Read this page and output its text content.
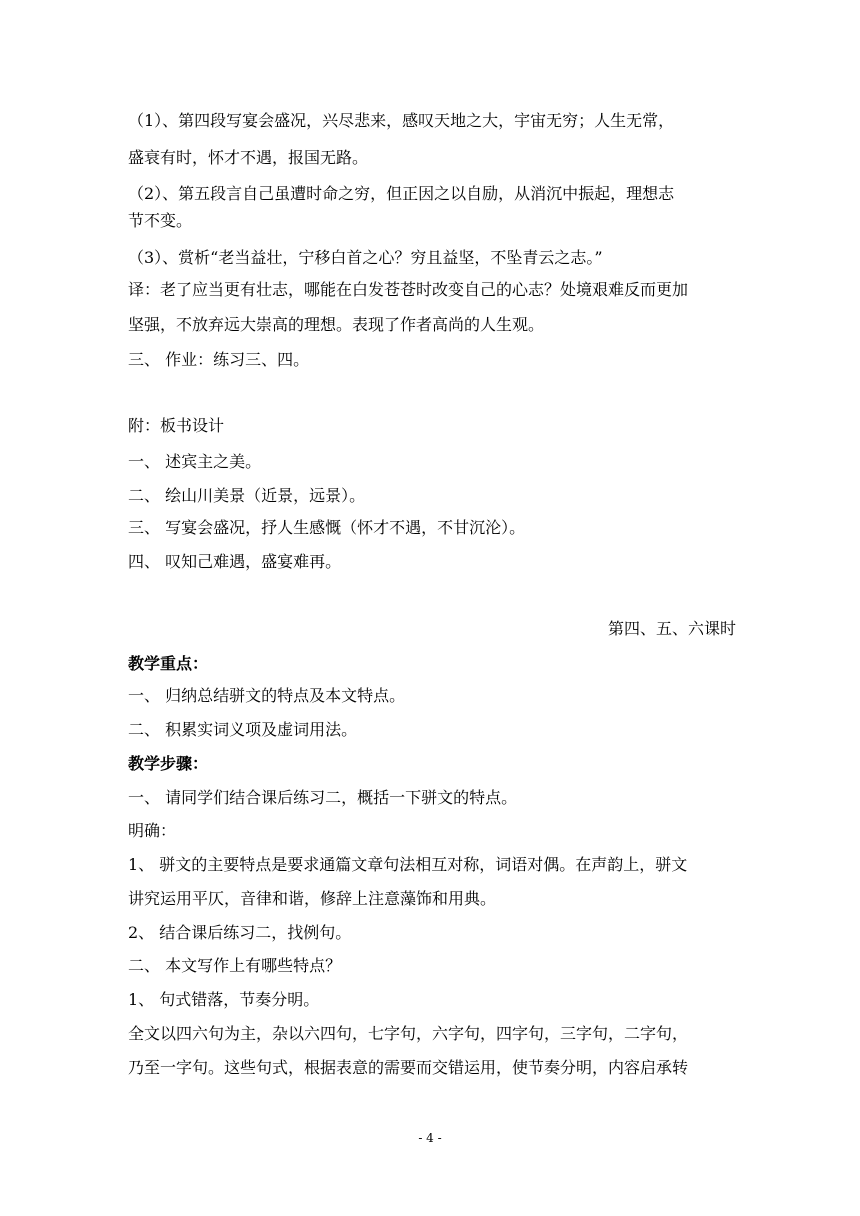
（1）、第四段写宴会盛况，兴尽悲来，感叹天地之大，宇宙无穷；人生无常，
盛衰有时，怀才不遇，报国无路。
（2）、第五段言自己虽遭时命之穷，但正因之以自励，从消沉中振起，理想志
节不变。
（3）、赏析“老当益壮，宁移白首之心？穷且益坚，不坠青云之志。”
译：老了应当更有壮志，哪能在白发苍苍时改变自己的心志？处境艰难反而更加
坚强，不放弃远大崇高的理想。表现了作者高尚的人生观。
三、 作业：练习三、四。
附：板书设计
一、 述宾主之美。
二、 绘山川美景（近景，远景）。
三、 写宴会盛况，抒人生感慨（怀才不遇，不甘沉沦）。
四、 叹知己难遇，盛宴难再。
第四、五、六课时
教学重点：
一、 归纳总结骈文的特点及本文特点。
二、 积累实词义项及虚词用法。
教学步骤：
一、 请同学们结合课后练习二，概括一下骈文的特点。
明确：
1、 骈文的主要特点是要求通篇文章句法相互对称，词语对偶。在声韵上，骈文
讲究运用平仄，音律和谐，修辞上注意藻饰和用典。
2、 结合课后练习二，找例句。
二、 本文写作上有哪些特点？
1、 句式错落，节奏分明。
全文以四六句为主，杂以六四句，七字句，六字句，四字句，三字句，二字句，
乃至一字句。这些句式，根据表意的需要而交错运用，使节奏分明，内容启承转
- 4 -
